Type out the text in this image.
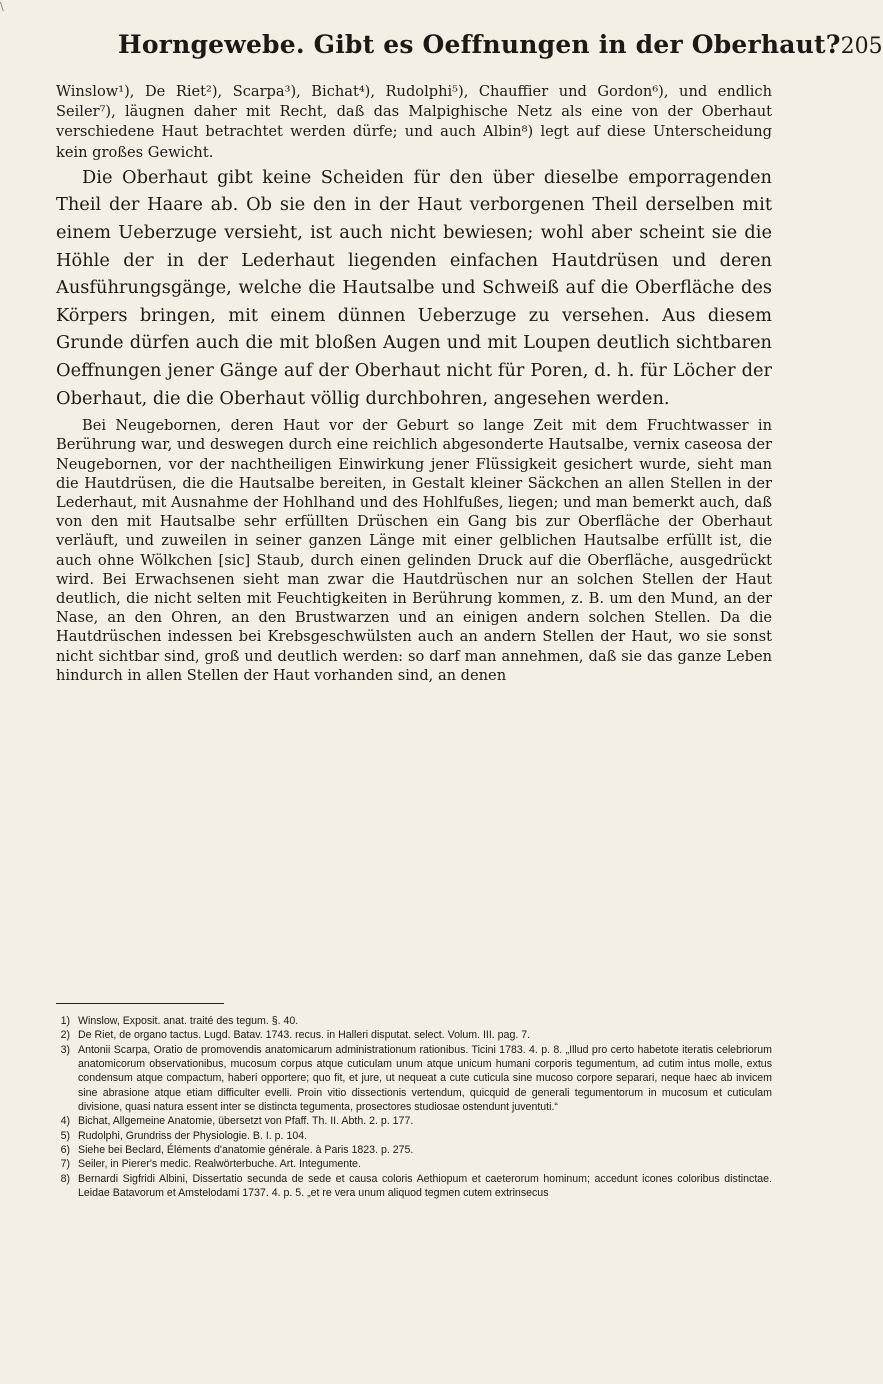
\
Horngewebe. Gibt es Oeffnungen in der Oberhaut? 205

Winslow¹), De Riet²), Scarpa³), Bichat⁴), Rudolphi⁵), Chauffier und Gordon⁶), und endlich Seiler⁷), läugnen daher mit Recht, daß das Malpighische Netz als eine von der Oberhaut verschiedene Haut betrachtet werden dürfe; und auch Albin⁸) legt auf diese Unterscheidung kein großes Gewicht.

Die Oberhaut gibt keine Scheiden für den über dieselbe emporragenden Theil der Haare ab. Ob sie den in der Haut verborgenen Theil derselben mit einem Ueberzuge versieht, ist auch nicht bewiesen; wohl aber scheint sie die Höhle der in der Lederhaut liegenden einfachen Hautdrüsen und deren Ausführungsgänge, welche die Hautsalbe und Schweiß auf die Oberfläche des Körpers bringen, mit einem dünnen Ueberzuge zu versehen. Aus diesem Grunde dürfen auch die mit bloßen Augen und mit Loupen deutlich sichtbaren Oeffnungen jener Gänge auf der Oberhaut nicht für Poren, d. h. für Löcher der Oberhaut, die die Oberhaut völlig durchbohren, angesehen werden.

Bei Neugebornen, deren Haut vor der Geburt so lange Zeit mit dem Fruchtwasser in Berührung war, und deswegen durch eine reichlich abgesonderte Hautsalbe, vernix caseosa der Neugebornen, vor der nachtheiligen Einwirkung jener Flüssigkeit gesichert wurde, sieht man die Hautdrüsen, die die Hautsalbe bereiten, in Gestalt kleiner Säckchen an allen Stellen in der Lederhaut, mit Ausnahme der Hohlhand und des Hohlfußes, liegen; und man bemerkt auch, daß von den mit Hautsalbe sehr erfüllten Drüschen ein Gang bis zur Oberfläche der Oberhaut verläuft, und zuweilen in seiner ganzen Länge mit einer gelblichen Hautsalbe erfüllt ist, die auch ohne Wölkchen [sic] Staub, durch einen gelinden Druck auf die Oberfläche, ausgedrückt wird. Bei Erwachsenen sieht man zwar die Hautdrüschen nur an solchen Stellen der Haut deutlich, die nicht selten mit Feuchtigkeiten in Berührung kommen, z. B. um den Mund, an der Nase, an den Ohren, an den Brustwarzen und an einigen andern solchen Stellen. Da die Hautdrüschen indessen bei Krebsgeschwülsten auch an andern Stellen der Haut, wo sie sonst nicht sichtbar sind, groß und deutlich werden: so darf man annehmen, daß sie das ganze Leben hindurch in allen Stellen der Haut vorhanden sind, an denen

1) Winslow, Exposit. anat. traité des tegum. §. 40.
2) De Riet, de organo tactus. Lugd. Batav. 1743. recus. in Halleri disputat. select. Volum. III. pag. 7.
3) Antonii Scarpa, Oratio de promovendis anatomicarum administrationum rationibus. Ticini 1783. 4. p. 8. „Illud pro certo habetote iteratis celebriorum anatomicorum observationibus, mucosum corpus atque cuticulam unum atque unicum humani corporis tegumentum, ad cutim intus molle, extus condensum atque compactum, haberi opportere; quo fit, et jure, ut nequeat a cute cuticula sine mucoso corpore separari, neque haec ab invicem sine abrasione atque etiam difficulter evelli. Proin vitio dissectionis vertendum, quicquid de generali tegumentorum in mucosum et cuticulam divisione, quasi natura essent inter se distincta tegumenta, prosectores studiosae ostendunt juventuti.“
4) Bichat, Allgemeine Anatomie, übersetzt von Pfaff. Th. II. Abth. 2. p. 177.
5) Rudolphi, Grundriss der Physiologie. B. I. p. 104.
6) Siehe bei Beclard, Éléments d'anatomie générale. à Paris 1823. p. 275.
7) Seiler, in Pierer's medic. Realwörterbuche. Art. Integumente.
8) Bernardi Sigfridi Albini, Dissertatio secunda de sede et causa coloris Aethiopum et caeterorum hominum; accedunt icones coloribus distinctae. Leidae Batavorum et Amstelodami 1737. 4. p. 5. „et re vera unum aliquod tegmen cutem extrinsecus
